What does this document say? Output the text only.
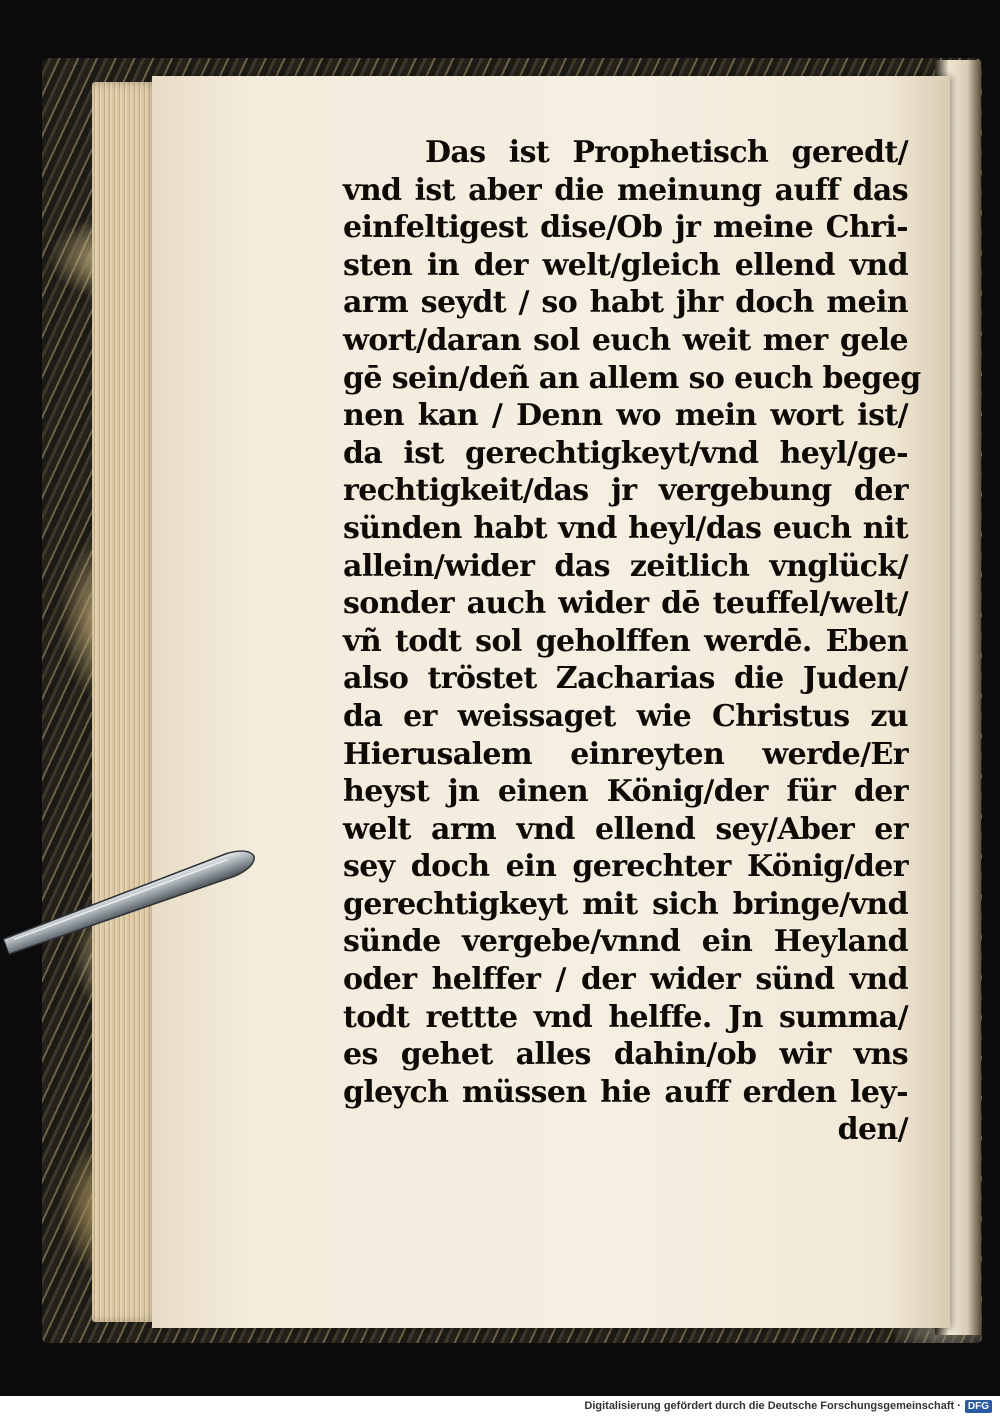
Das ist Prophetisch geredt/
vnd ist aber die meinung auff das
einfeltigest dise/Ob jr meine Chri-
sten in der welt/gleich ellend vnd
arm seydt / so habt jhr doch mein
wort/daran sol euch weit mer gele
gē sein/deñ an allem so euch begeg
nen kan / Denn wo mein wort ist/
da ist gerechtigkeyt/vnd heyl/ge-
rechtigkeit/das jr vergebung der
sünden habt vnd heyl/das euch nit
allein/wider das zeitlich vnglück/
sonder auch wider dē teuffel/welt/
vñ todt sol geholffen werdē. Eben
also tröstet Zacharias die Juden/
da er weissaget wie Christus zu
Hierusalem einreyten werde/Er
heyst jn einen König/der für der
welt arm vnd ellend sey/Aber er
sey doch ein gerechter König/der
gerechtigkeyt mit sich bringe/vnd
sünde vergebe/vnnd ein Heyland
oder helffer / der wider sünd vnd
todt rettte vnd helffe. Jn summa/
es gehet alles dahin/ob wir vns
gleych müssen hie auff erden ley-
den/
Digitalisierung gefördert durch die Deutsche Forschungsgemeinschaft · DFG
